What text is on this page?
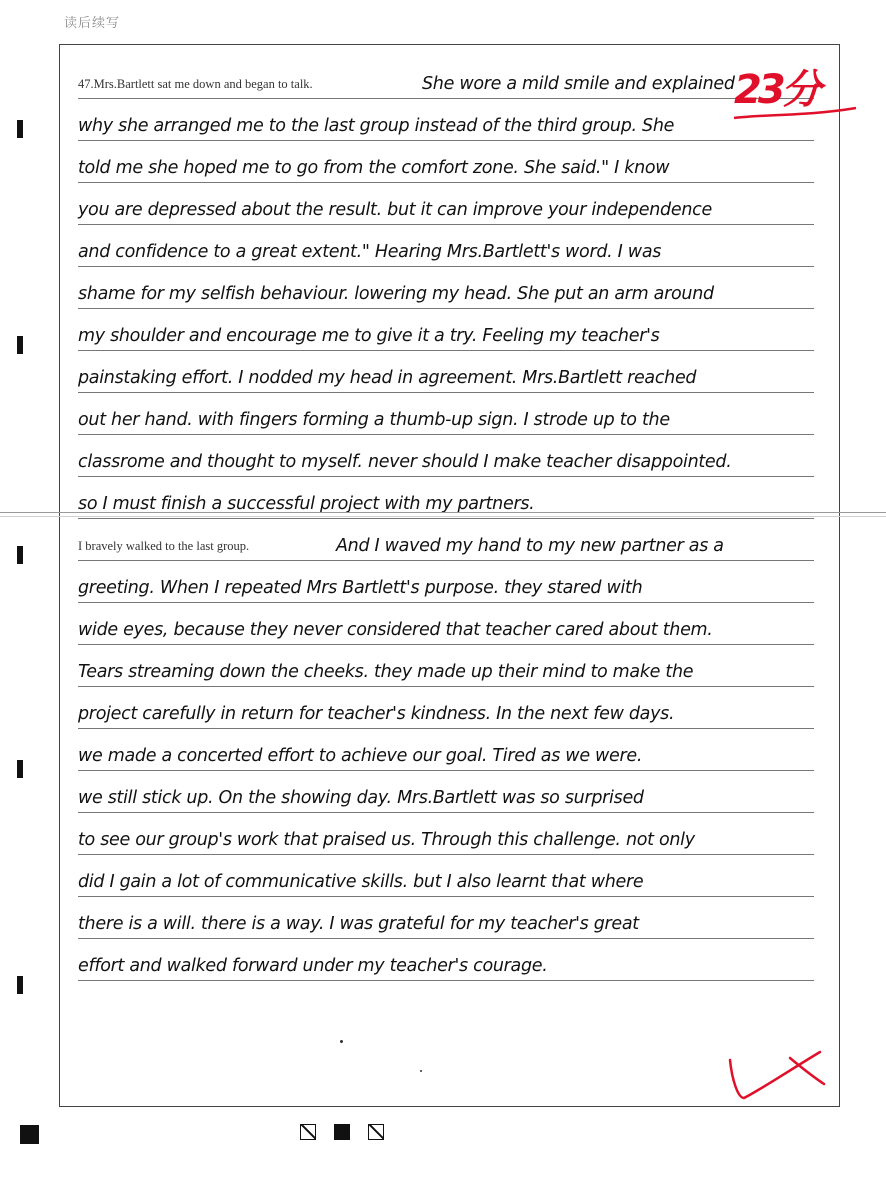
读后续写
47.Mrs.Bartlett sat me down and began to talk.	She wore a mild smile and explained
why she arranged me to the last group instead of the third group. She
told me she hoped me to go from the comfort zone. She said." I know
you are depressed about the result. but it can improve your independence
and confidence to a great extent." Hearing Mrs.Bartlett's word. I was
shame for my selfish behaviour. lowering my head. She put an arm around
my shoulder and encourage me to give it a try. Feeling my teacher's
painstaking effort. I nodded my head in agreement. Mrs.Bartlett reached
out her hand. with fingers forming a thumb-up sign. I strode up to the
classrome and thought to myself. never should I make teacher disappointed.
so I must finish a successful project with my partners.
I bravely walked to the last group.	And I waved my hand to my new partner as a
greeting. When I repeated Mrs Bartlett's purpose. they stared with
wide eyes, because they never considered that teacher cared about them.
Tears streaming down the cheeks. they made up their mind to make the
project carefully in return for teacher's kindness. In the next few days.
we made a concerted effort to achieve our goal. Tired as we were.
we still stick up. On the showing day. Mrs.Bartlett was so surprised
to see our group's work that praised us. Through this challenge. not only
did I gain a lot of communicative skills. but I also learnt that where
there is a will. there is a way. I was grateful for my teacher's great
effort and walked forward under my teacher's courage.
23分
